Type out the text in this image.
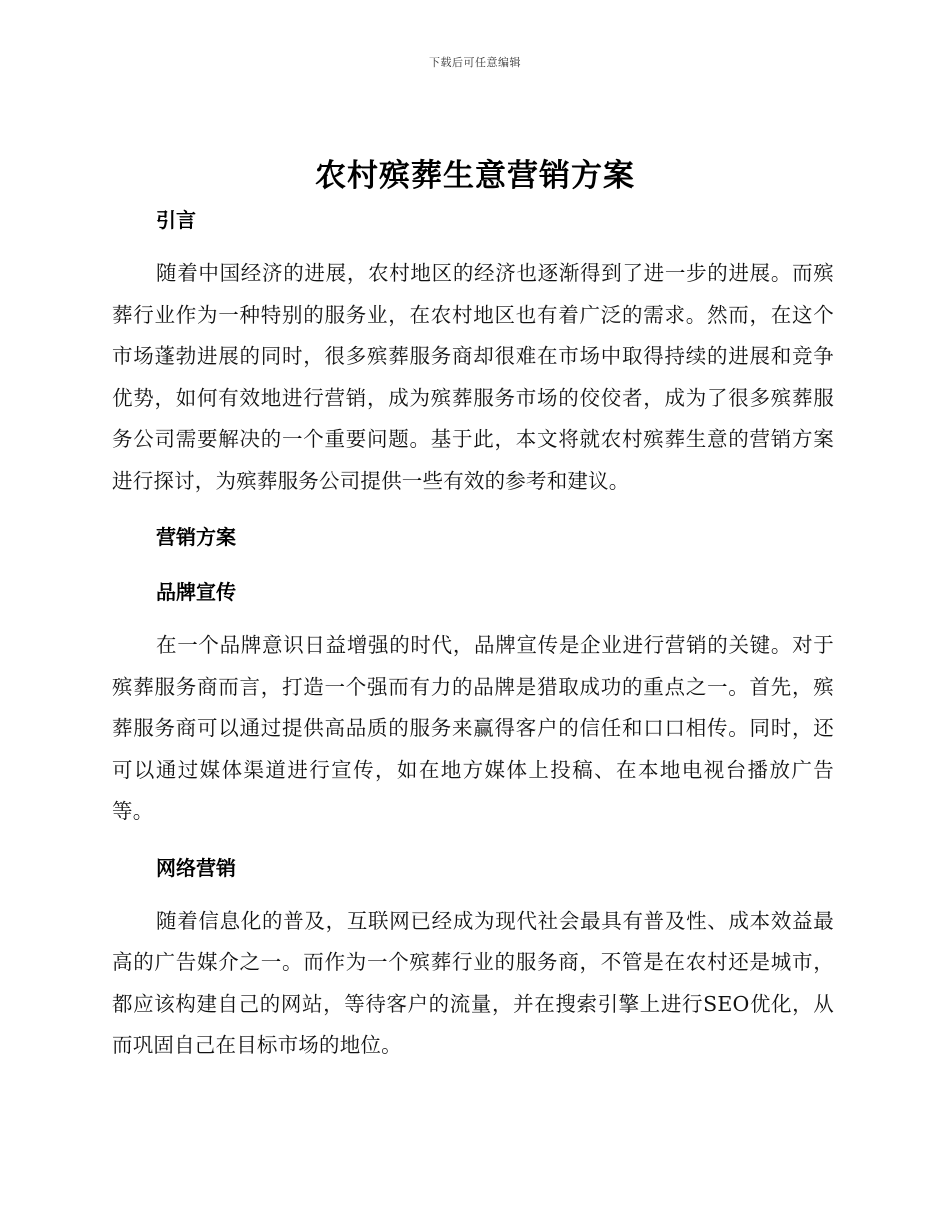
下载后可任意编辑
农村殡葬生意营销方案
引言

随着中国经济的进展，农村地区的经济也逐渐得到了进一步的进展。而殡葬行业作为一种特别的服务业，在农村地区也有着广泛的需求。然而，在这个市场蓬勃进展的同时，很多殡葬服务商却很难在市场中取得持续的进展和竞争优势，如何有效地进行营销，成为殡葬服务市场的佼佼者，成为了很多殡葬服务公司需要解决的一个重要问题。基于此，本文将就农村殡葬生意的营销方案进行探讨，为殡葬服务公司提供一些有效的参考和建议。

营销方案
品牌宣传

在一个品牌意识日益增强的时代，品牌宣传是企业进行营销的关键。对于殡葬服务商而言，打造一个强而有力的品牌是猎取成功的重点之一。首先，殡葬服务商可以通过提供高品质的服务来赢得客户的信任和口口相传。同时，还可以通过媒体渠道进行宣传，如在地方媒体上投稿、在本地电视台播放广告等。

网络营销

随着信息化的普及，互联网已经成为现代社会最具有普及性、成本效益最高的广告媒介之一。而作为一个殡葬行业的服务商，不管是在农村还是城市，都应该构建自己的网站，等待客户的流量，并在搜索引擎上进行SEO优化，从而巩固自己在目标市场的地位。
